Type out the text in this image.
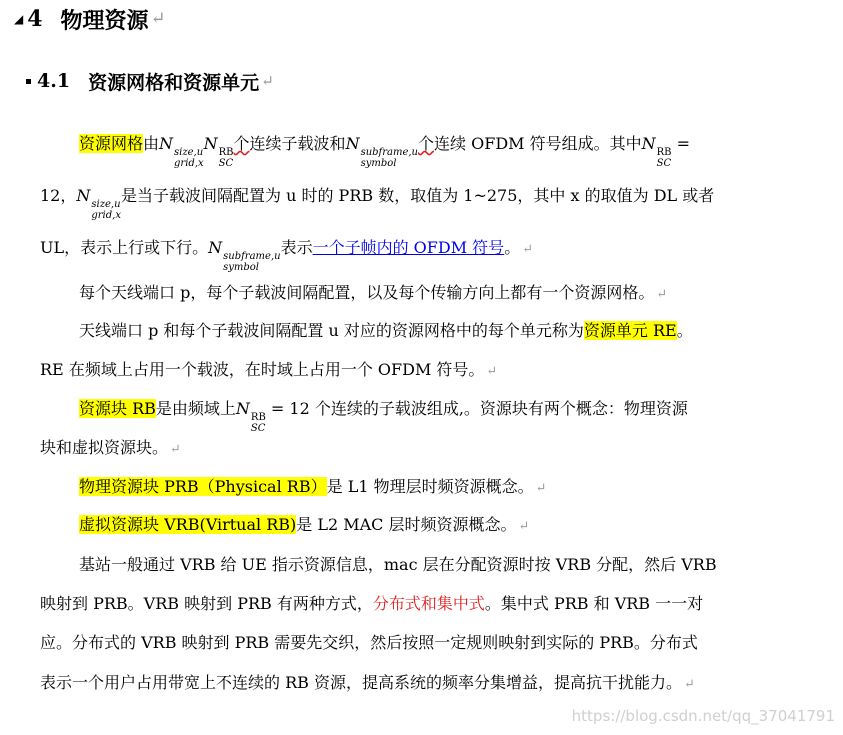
◢ 4 物理资源 ↵
4.1 资源网格和资源单元 ↵
资源网格由N size,u
grid,x
N RB
SC
个连续子载波和N subframe,u
symbol
个连续 OFDM 符号组成。其中N RB
SC
=
12，N size,u
grid,x
是当子载波间隔配置为 u 时的 PRB 数，取值为 1~275，其中 x 的取值为 DL 或者
UL，表示上行或下行。N subframe,u
symbol
表示一个子帧内的 OFDM 符号。 ↵
每个天线端口 p，每个子载波间隔配置，以及每个传输方向上都有一个资源网格。 ↵
天线端口 p 和每个子载波间隔配置 u 对应的资源网格中的每个单元称为资源单元 RE。
RE 在频域上占用一个载波，在时域上占用一个 OFDM 符号。 ↵
资源块 RB是由频域上N RB
SC
= 12 个连续的子载波组成,。资源块有两个概念：物理资源
块和虚拟资源块。 ↵
物理资源块 PRB（Physical RB）是 L1 物理层时频资源概念。 ↵
虚拟资源块 VRB(Virtual RB)是 L2 MAC 层时频资源概念。 ↵
基站一般通过 VRB 给 UE 指示资源信息，mac 层在分配资源时按 VRB 分配，然后 VRB
映射到 PRB。VRB 映射到 PRB 有两种方式，分布式和集中式。集中式 PRB 和 VRB 一一对
应。分布式的 VRB 映射到 PRB 需要先交织，然后按照一定规则映射到实际的 PRB。分布式
表示一个用户占用带宽上不连续的 RB 资源，提高系统的频率分集增益，提高抗干扰能力。 ↵
https://blog.csdn.net/qq_37041791
